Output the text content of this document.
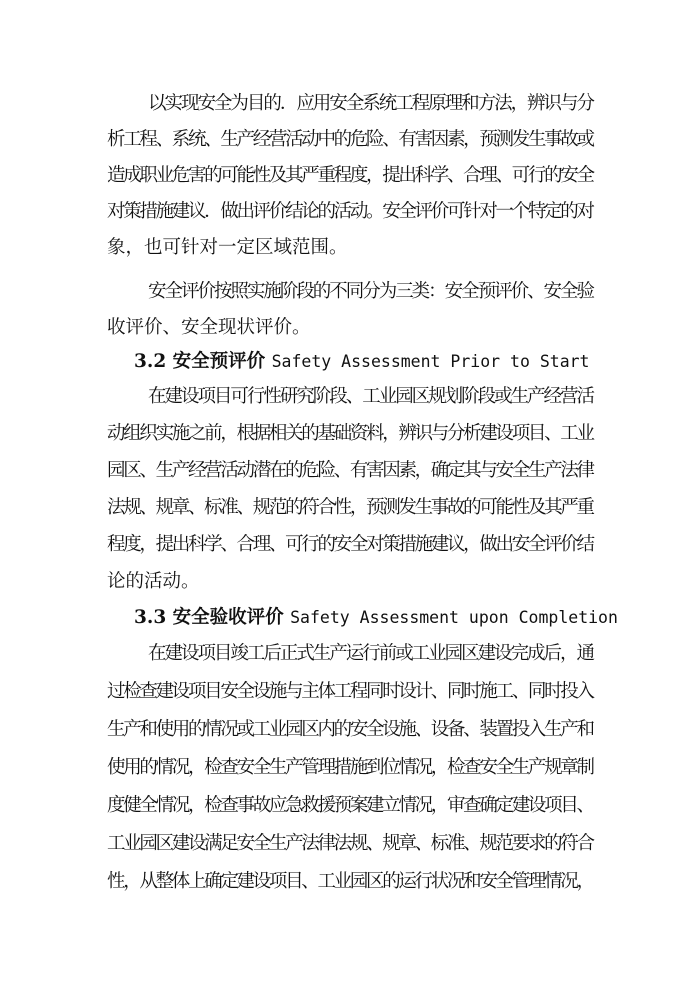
以实现安全为目的．应用安全系统工程原理和方法，辨识与分
析工程、系统、生产经营活动中的危险、有害因素，预测发生事故或
造成职业危害的可能性及其严重程度，提出科学、合理、可行的安全
对策措施建议．做出评价结论的活动。安全评价可针对一个特定的对
象，也可针对一定区域范围。
安全评价按照实施阶段的不同分为三类：安全预评价、安全验
收评价、安全现状评价。
3.2 安全预评价 Safety Assessment Prior to Start
在建设项目可行性研究阶段、工业园区规划阶段或生产经营活
动组织实施之前，根据相关的基础资料，辨识与分析建设项目、工业
园区、生产经营活动潜在的危险、有害因素，确定其与安全生产法律
法规、规章、标准、规范的符合性，预测发生事故的可能性及其严重
程度，提出科学、合理、可行的安全对策措施建议，做出安全评价结
论的活动。
3.3 安全验收评价 Safety Assessment upon Completion
在建设项目竣工后正式生产运行前或工业园区建设完成后，通
过检查建设项目安全设施与主体工程同时设计、同时施工、同时投入
生产和使用的情况或工业园区内的安全设施、设备、装置投入生产和
使用的情况，检查安全生产管理措施到位情况，检查安全生产规章制
度健全情况，检查事故应急救援预案建立情况，审查确定建设项目、
工业园区建设满足安全生产法律法规、规章、标准、规范要求的符合
性，从整体上确定建设项目、工业园区的运行状况和安全管理情况，
